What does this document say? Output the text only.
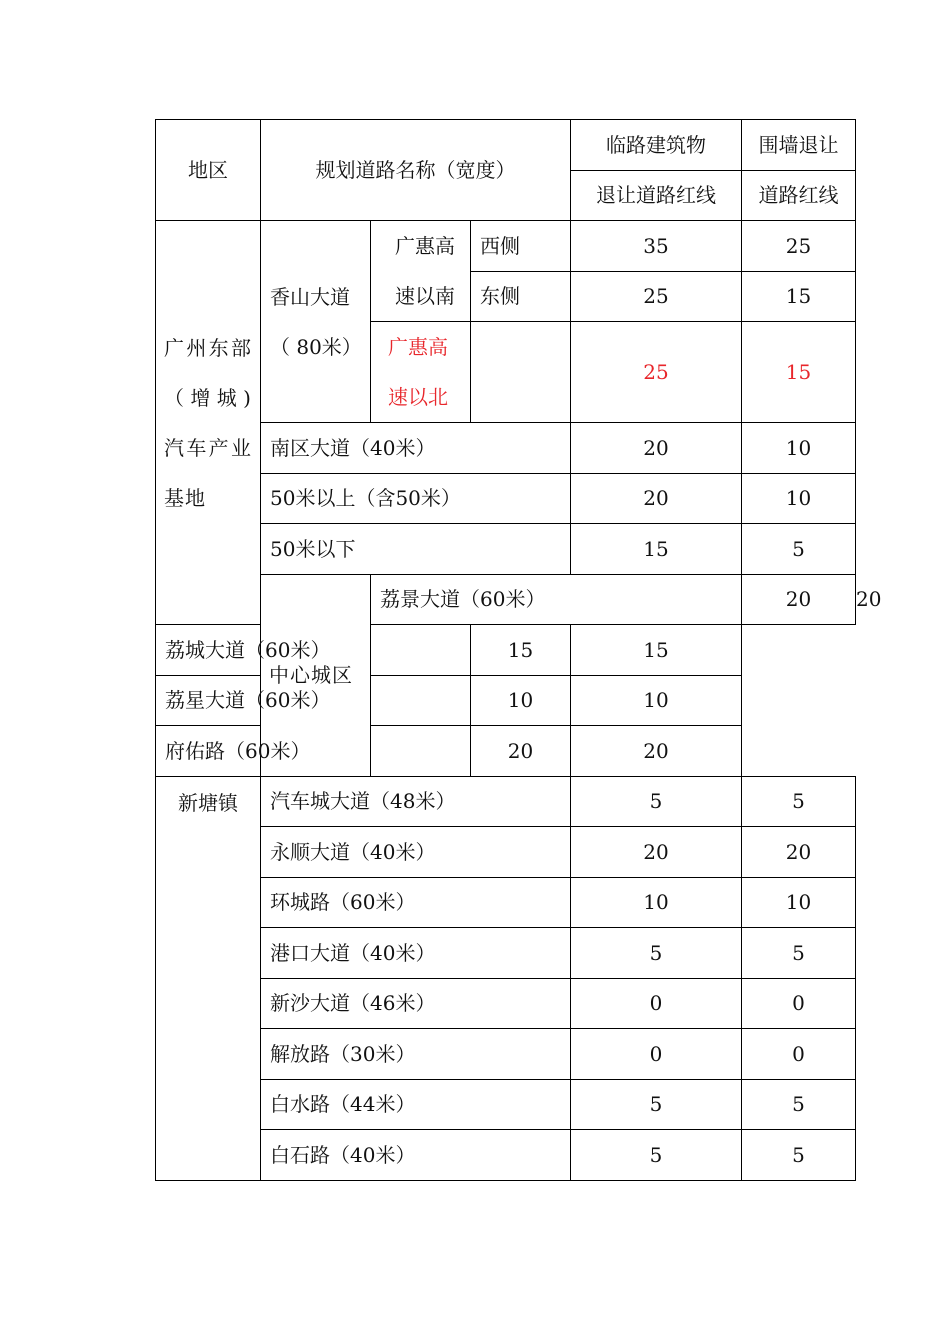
地区	规划道路名称（宽度）			临路建筑物	围墙退让	
				退让道路红线	道路红线	

广州东部（增城)汽车产业基地	香山大道（ 80米）	广惠高速以南	西侧	35	25	
			东侧	25	15	

		广惠高速以北		25	15	
	南区大道（40米）			20	10	
	50米以上（含50米）			20	10	
	50米以下			15	5	

	中心城区	荔景大道（60米）			20	20
荔城大道（60米）			15	15		
荔星大道（60米）			10	10		
府佑路（60米）			20	20		
新塘镇	汽车城大道（48米）			5	5	
	永顺大道（40米）			20	20	
	环城路（60米）			10	10	
	港口大道（40米）			5	5	
	新沙大道（46米）			0	0	
	解放路（30米）			0	0	
	白水路（44米）			5	5	
	白石路（40米）			5	5	
